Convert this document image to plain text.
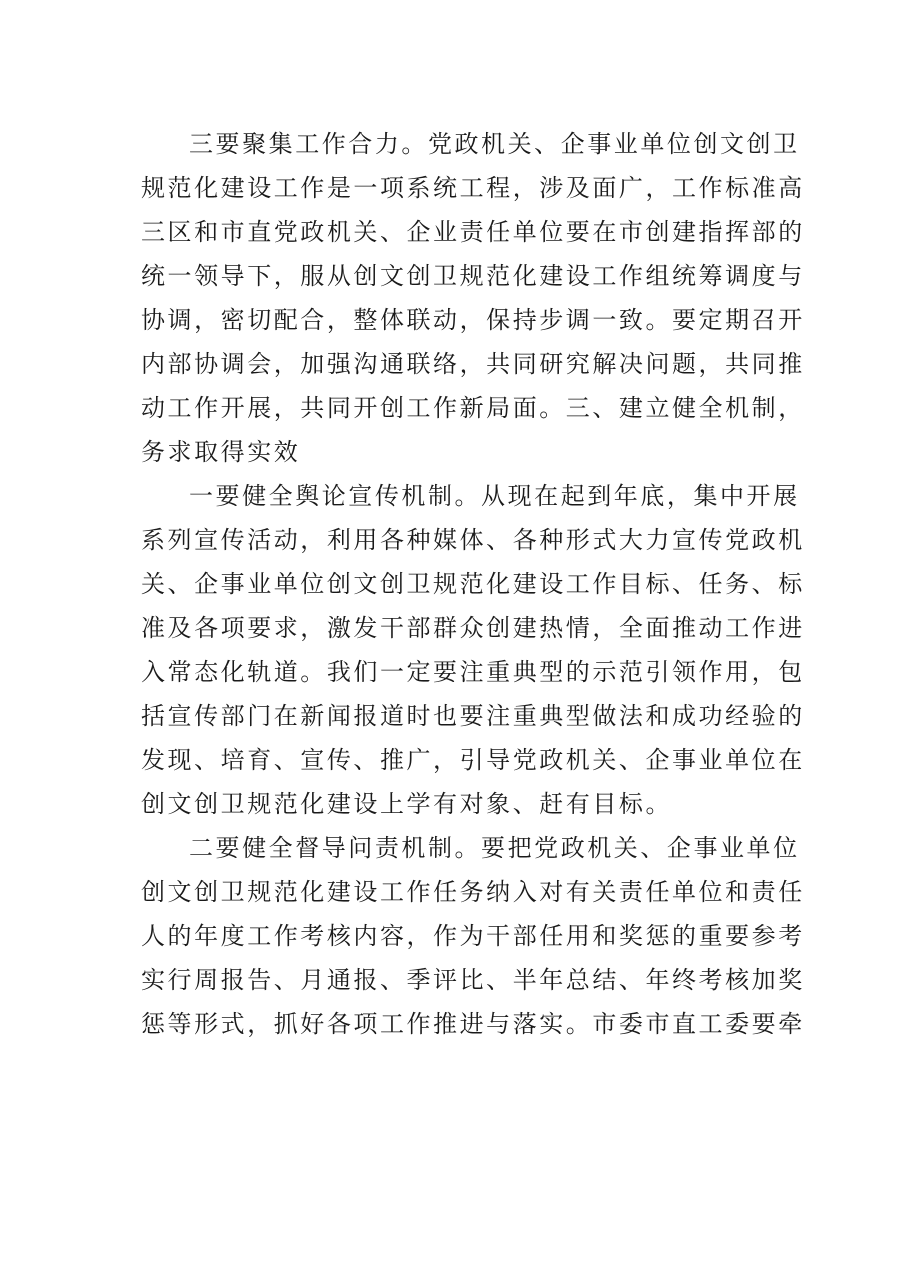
三要聚集工作合力。党政机关、企事业单位创文创卫
规范化建设工作是一项系统工程，涉及面广，工作标准高
三区和市直党政机关、企业责任单位要在市创建指挥部的
统一领导下，服从创文创卫规范化建设工作组统筹调度与
协调，密切配合，整体联动，保持步调一致。要定期召开
内部协调会，加强沟通联络，共同研究解决问题，共同推
动工作开展，共同开创工作新局面。三、建立健全机制，
务求取得实效
一要健全舆论宣传机制。从现在起到年底，集中开展
系列宣传活动，利用各种媒体、各种形式大力宣传党政机
关、企事业单位创文创卫规范化建设工作目标、任务、标
准及各项要求，激发干部群众创建热情，全面推动工作进
入常态化轨道。我们一定要注重典型的示范引领作用，包
括宣传部门在新闻报道时也要注重典型做法和成功经验的
发现、培育、宣传、推广，引导党政机关、企事业单位在
创文创卫规范化建设上学有对象、赶有目标。
二要健全督导问责机制。要把党政机关、企事业单位
创文创卫规范化建设工作任务纳入对有关责任单位和责任
人的年度工作考核内容，作为干部任用和奖惩的重要参考
实行周报告、月通报、季评比、半年总结、年终考核加奖
惩等形式，抓好各项工作推进与落实。市委市直工委要牵
